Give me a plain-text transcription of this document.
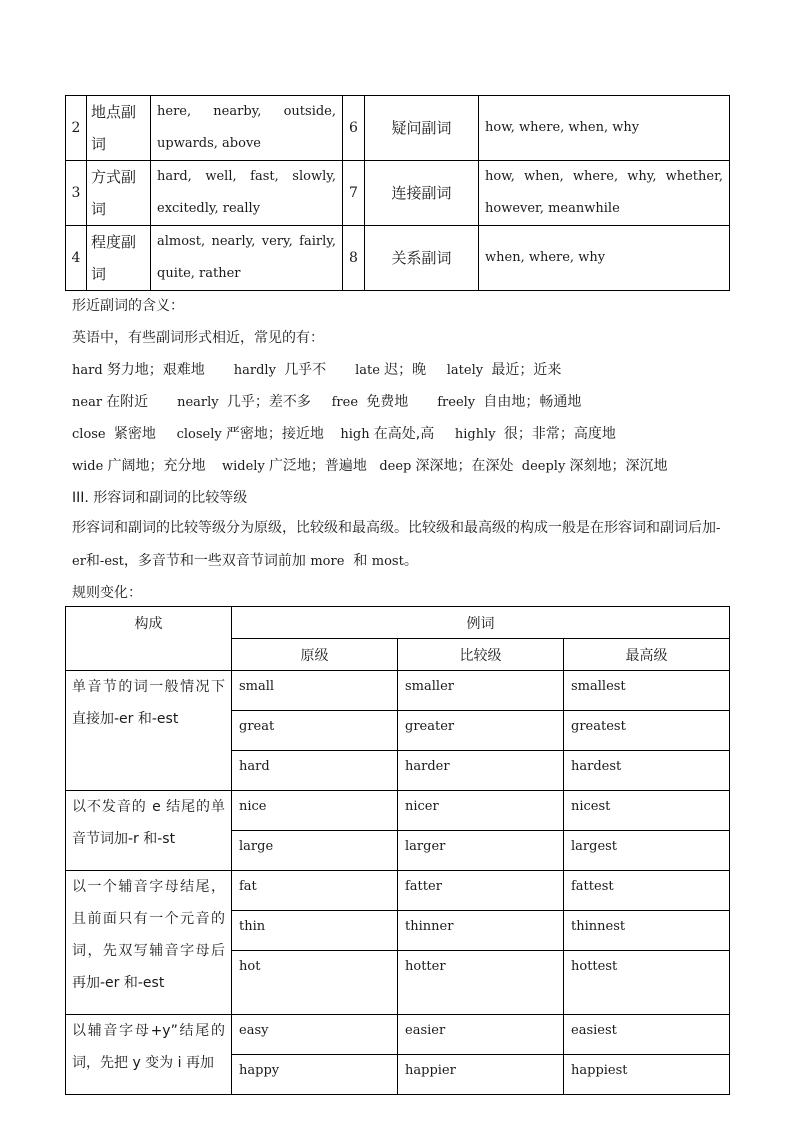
2	地点副词	here, nearby, outside, upwards, above	6	疑问副词	how, where, when, why
3	方式副词	hard, well, fast, slowly, excitedly, really	7	连接副词	how, when, where, why, whether, however, meanwhile
4	程度副词	almost, nearly, very, fairly, quite, rather	8	关系副词	when, where, why
形近副词的含义：
英语中，有些副词形式相近，常见的有：
hard 努力地；艰难地 hardly 几乎不 late 迟；晚 lately 最近；近来
near 在附近 nearly 几乎；差不多 free 免费地 freely 自由地；畅通地
close 紧密地 closely 严密地；接近地 high 在高处,高 highly 很；非常；高度地
wide 广阔地；充分地 widely 广泛地；普遍地 deep 深深地；在深处 deeply 深刻地；深沉地
III. 形容词和副词的比较等级
形容词和副词的比较等级分为原级，比较级和最高级。比较级和最高级的构成一般是在形容词和副词后加-er和-est，多音节和一些双音节词前加 more 和 most。
规则变化：
构成	例词		
	原级	比较级	最高级
单音节的词一般情况下直接加-er 和-est	small	smaller	smallest
	great	greater	greatest
	hard	harder	hardest
以不发音的 e 结尾的单音节词加-r 和-st	nice	nicer	nicest
	large	larger	largest
以一个辅音字母结尾，且前面只有一个元音的词，先双写辅音字母后再加-er 和-est	fat	fatter	fattest
	thin	thinner	thinnest
	hot	hotter	hottest
以辅音字母+y”结尾的词，先把 y 变为 i 再加	easy	easier	easiest
	happy	happier	happiest
